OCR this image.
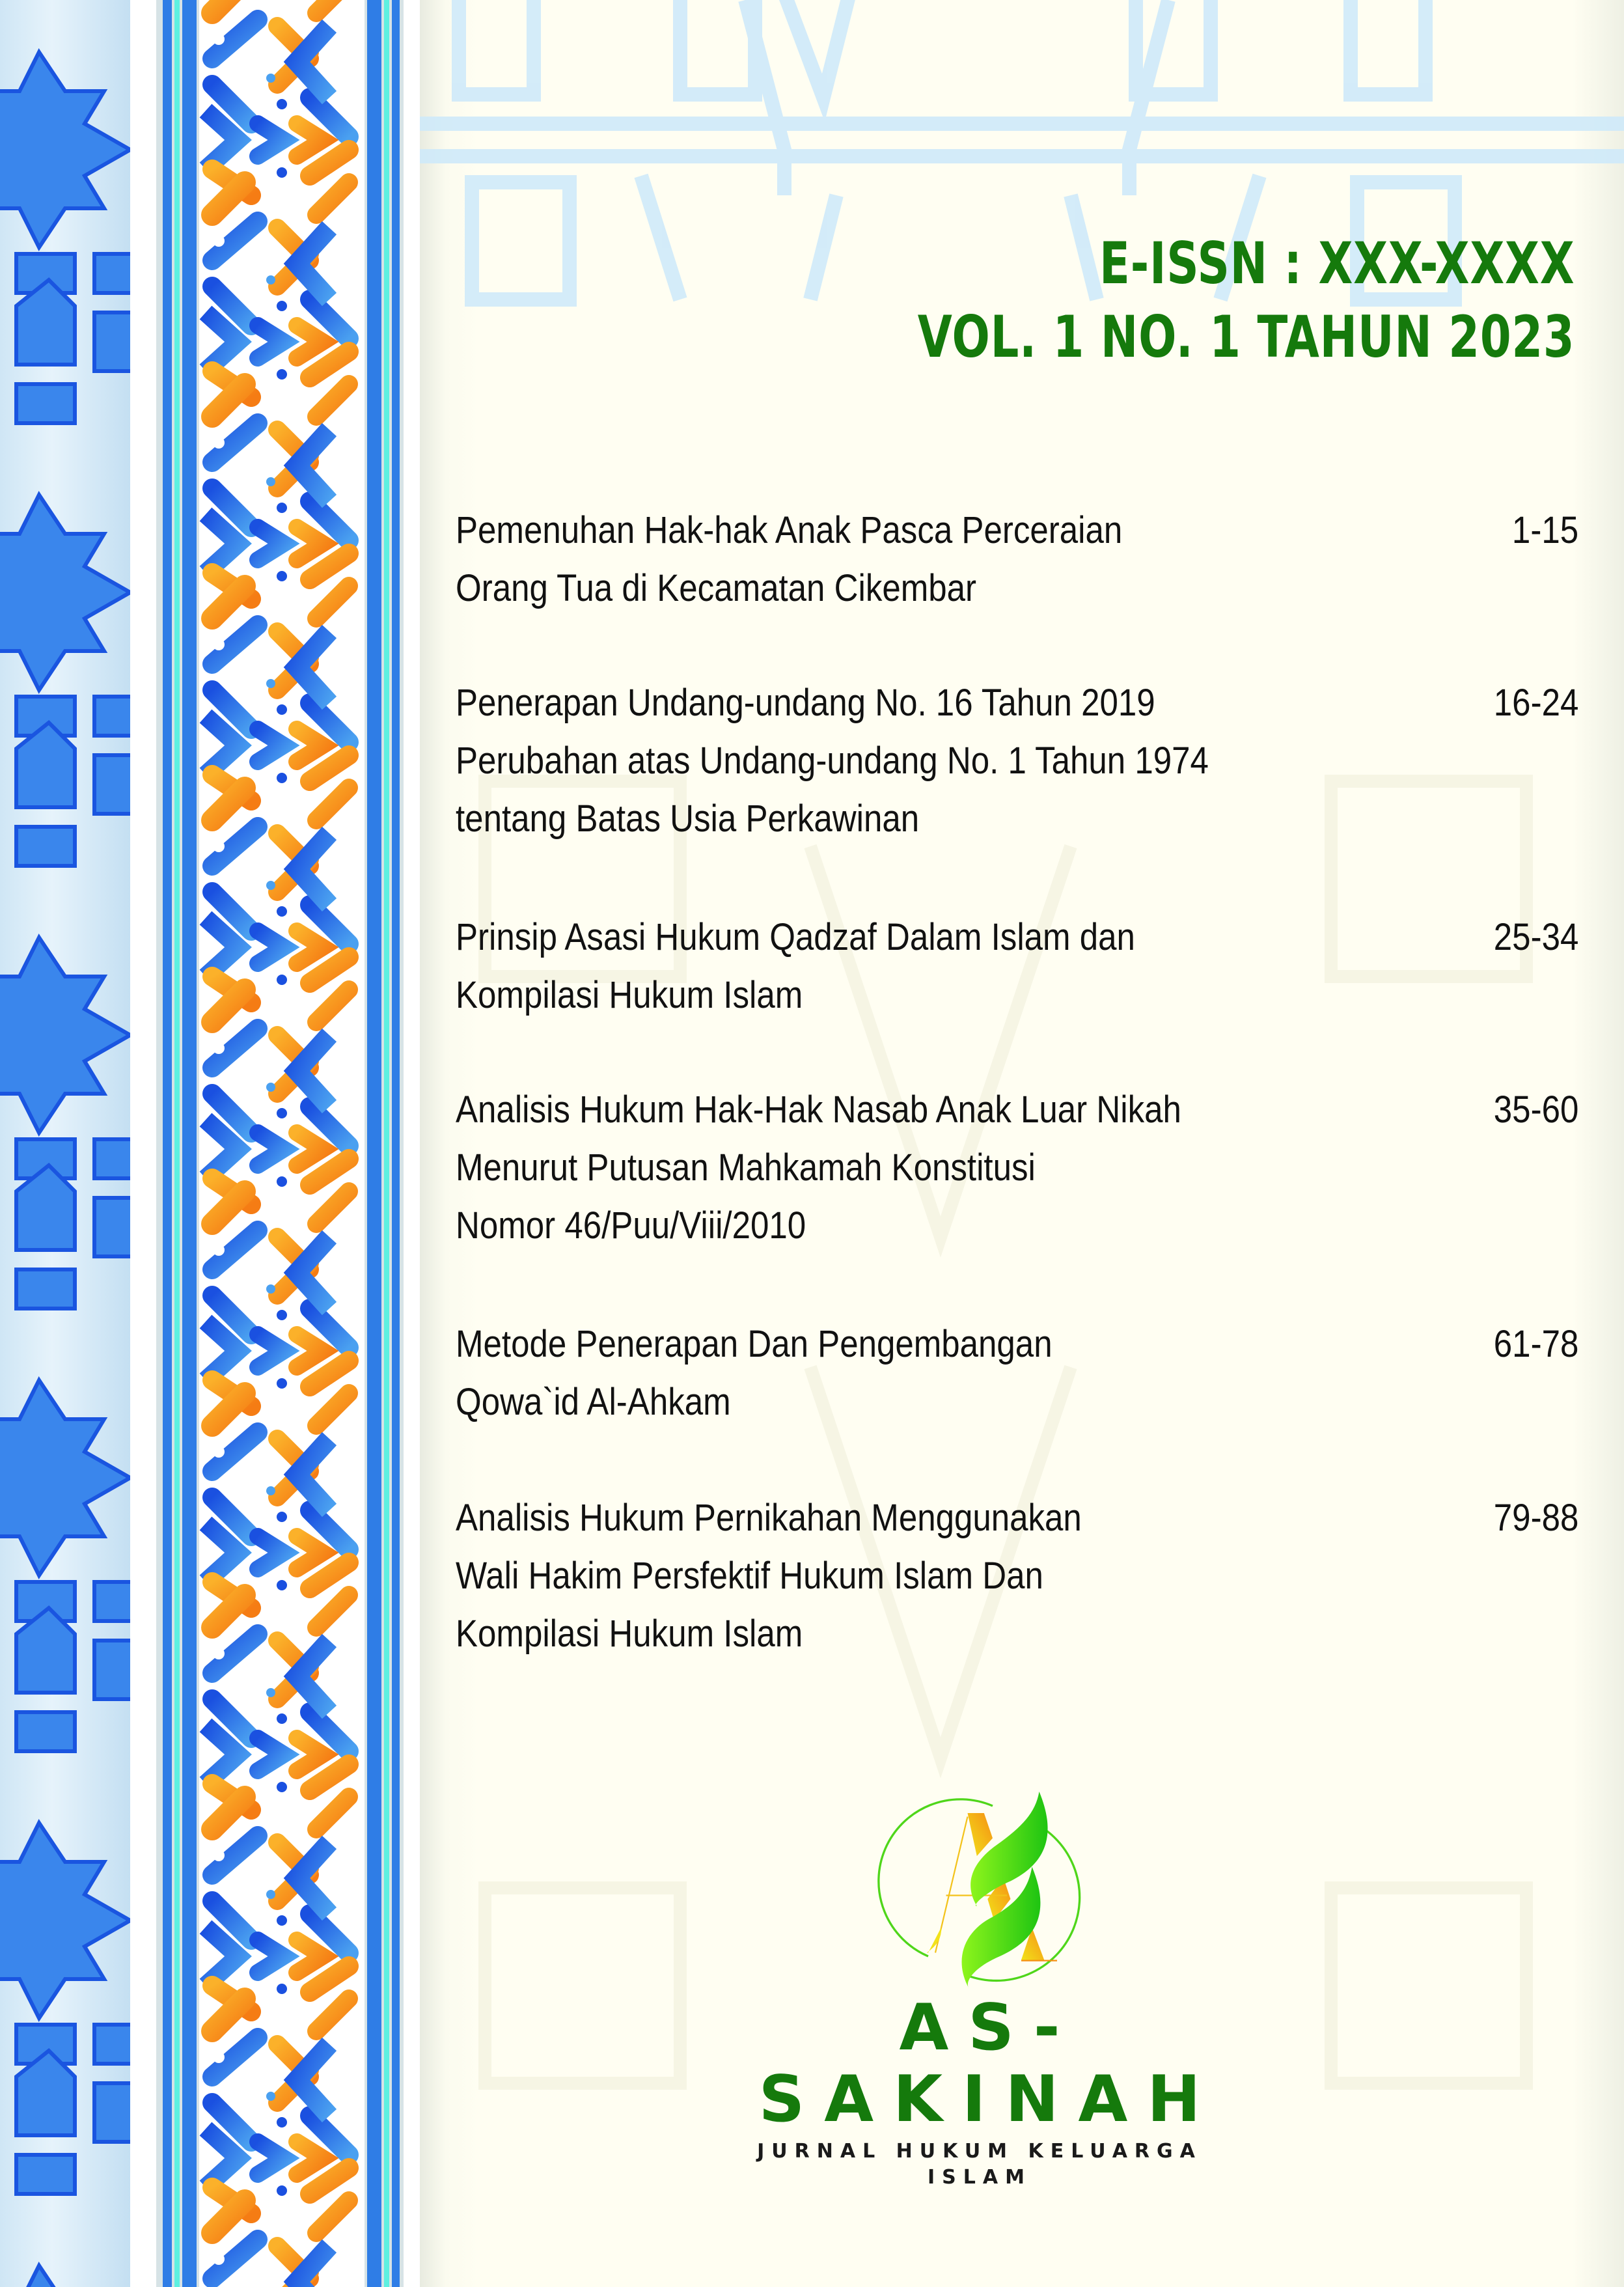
E-ISSN : XXX-XXXX
VOL. 1 NO. 1 TAHUN 2023
Pemenuhan Hak-hak Anak Pasca Perceraian
Orang Tua di Kecamatan Cikembar
1-15
Penerapan Undang-undang No. 16 Tahun 2019
Perubahan atas Undang-undang No. 1 Tahun 1974
tentang Batas Usia Perkawinan
16-24
Prinsip Asasi Hukum Qadzaf Dalam Islam dan
Kompilasi Hukum Islam
25-34
Analisis Hukum Hak-Hak Nasab Anak Luar Nikah
Menurut Putusan Mahkamah Konstitusi
Nomor 46/Puu/Viii/2010
35-60
Metode Penerapan Dan Pengembangan
Qowa`id Al-Ahkam
61-78
Analisis Hukum Pernikahan Menggunakan
Wali Hakim Persfektif Hukum Islam Dan
Kompilasi Hukum Islam
79-88
AS-SAKINAH
JURNAL HUKUM KELUARGA ISLAM
